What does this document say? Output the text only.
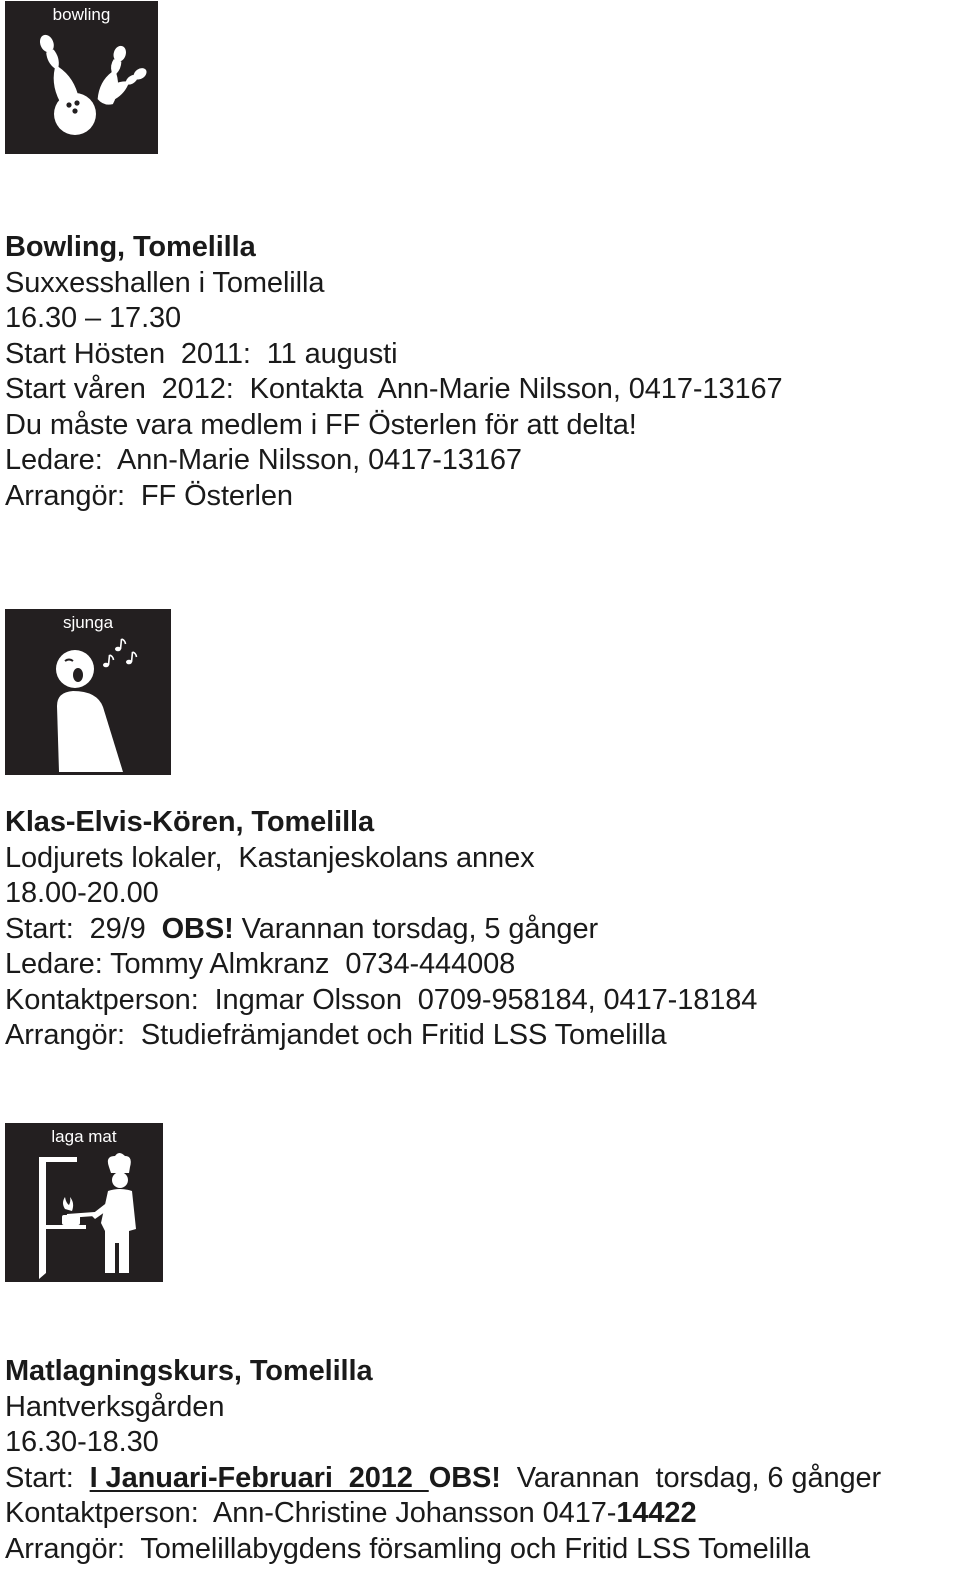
bowling
Bowling, Tomelilla
Suxxesshallen i Tomelilla
16.30 – 17.30
Start Hösten  2011:  11 augusti
Start våren  2012:  Kontakta  Ann-Marie Nilsson, 0417-13167
Du måste vara medlem i FF Österlen för att delta!
Ledare:  Ann-Marie Nilsson, 0417-13167
Arrangör:  FF Österlen
sjunga
Klas-Elvis-Kören, Tomelilla
Lodjurets lokaler,  Kastanjeskolans annex
18.00-20.00
Start:  29/9  OBS! Varannan torsdag, 5 gånger
Ledare: Tommy Almkranz  0734-444008
Kontaktperson:  Ingmar Olsson  0709-958184, 0417-18184
Arrangör:  Studiefrämjandet och Fritid LSS Tomelilla
laga mat
Matlagningskurs, Tomelilla
Hantverksgården
16.30-18.30
Start:  I Januari-Februari  2012  OBS!  Varannan  torsdag, 6 gånger
Kontaktperson:  Ann-Christine Johansson 0417-14422
Arrangör:  Tomelillabygdens församling och Fritid LSS Tomelilla
